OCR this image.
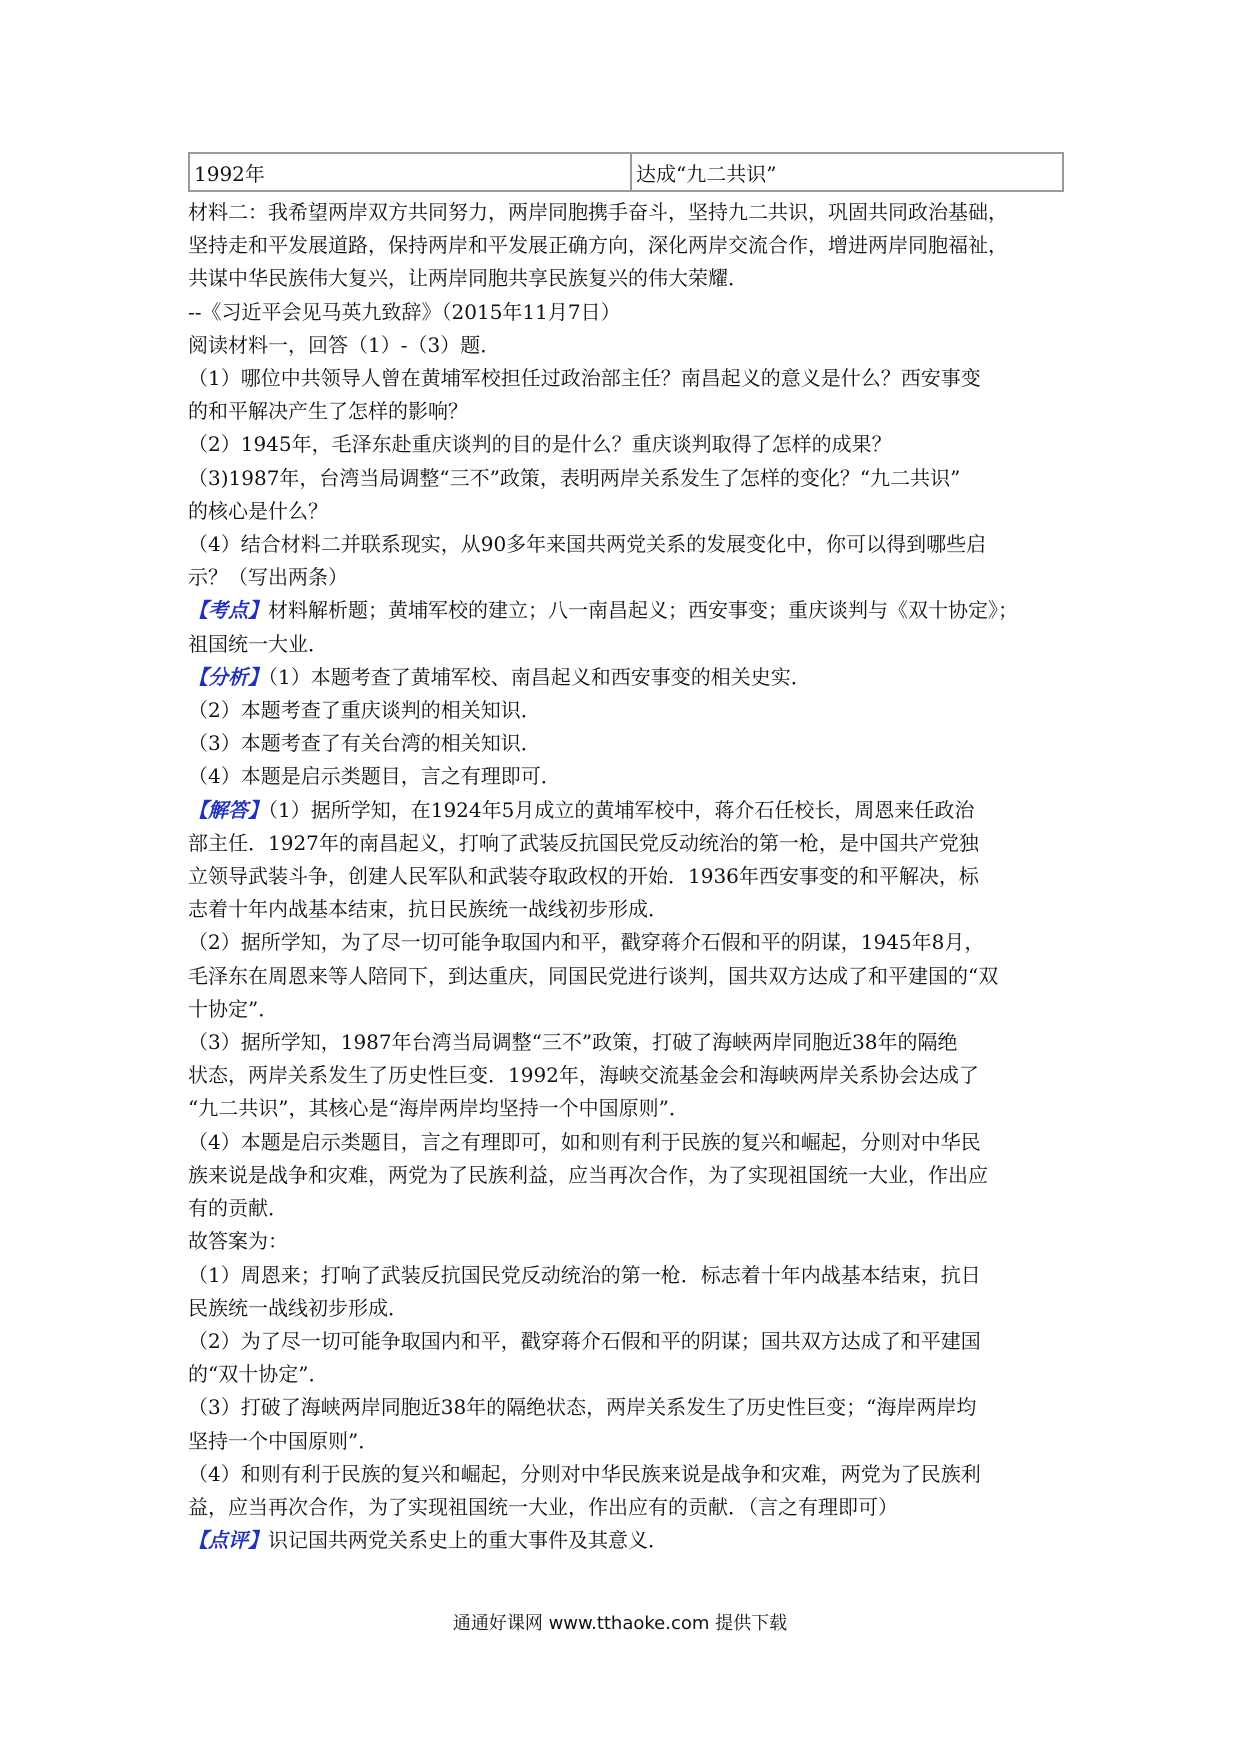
1992年	达成“九二共识”

材料二：我希望两岸双方共同努力，两岸同胞携手奋斗，坚持九二共识，巩固共同政治基础，

坚持走和平发展道路，保持两岸和平发展正确方向，深化两岸交流合作，增进两岸同胞福祉，

共谋中华民族伟大复兴，让两岸同胞共享民族复兴的伟大荣耀．

--《习近平会见马英九致辞》（2015年11月7日）

阅读材料一，回答（1）-（3）题．

（1）哪位中共领导人曾在黄埔军校担任过政治部主任？南昌起义的意义是什么？西安事变

的和平解决产生了怎样的影响？

（2）1945年，毛泽东赴重庆谈判的目的是什么？重庆谈判取得了怎样的成果？

（3)1987年，台湾当局调整“三不”政策，表明两岸关系发生了怎样的变化？“九二共识”

的核心是什么？

（4）结合材料二并联系现实，从90多年来国共两党关系的发展变化中，你可以得到哪些启

示？（写出两条）

【考点】材料解析题；黄埔军校的建立；八一南昌起义；西安事变；重庆谈判与《双十协定》；

祖国统一大业．

【分析】（1）本题考查了黄埔军校、南昌起义和西安事变的相关史实．

（2）本题考查了重庆谈判的相关知识．

（3）本题考查了有关台湾的相关知识．

（4）本题是启示类题目，言之有理即可．

【解答】（1）据所学知，在1924年5月成立的黄埔军校中，蒋介石任校长，周恩来任政治

部主任．1927年的南昌起义，打响了武装反抗国民党反动统治的第一枪，是中国共产党独

立领导武装斗争，创建人民军队和武装夺取政权的开始．1936年西安事变的和平解决，标

志着十年内战基本结束，抗日民族统一战线初步形成．

（2）据所学知，为了尽一切可能争取国内和平，戳穿蒋介石假和平的阴谋，1945年8月，

毛泽东在周恩来等人陪同下，到达重庆，同国民党进行谈判，国共双方达成了和平建国的“双

十协定”．

（3）据所学知，1987年台湾当局调整“三不”政策，打破了海峡两岸同胞近38年的隔绝

状态，两岸关系发生了历史性巨变．1992年，海峡交流基金会和海峡两岸关系协会达成了

“九二共识”，其核心是“海岸两岸均坚持一个中国原则”．

（4）本题是启示类题目，言之有理即可，如和则有利于民族的复兴和崛起，分则对中华民

族来说是战争和灾难，两党为了民族利益，应当再次合作，为了实现祖国统一大业，作出应

有的贡献．

故答案为：

（1）周恩来；打响了武装反抗国民党反动统治的第一枪．标志着十年内战基本结束，抗日

民族统一战线初步形成．

（2）为了尽一切可能争取国内和平，戳穿蒋介石假和平的阴谋；国共双方达成了和平建国

的“双十协定”．

（3）打破了海峡两岸同胞近38年的隔绝状态，两岸关系发生了历史性巨变；“海岸两岸均

坚持一个中国原则”．

（4）和则有利于民族的复兴和崛起，分则对中华民族来说是战争和灾难，两党为了民族利

益，应当再次合作，为了实现祖国统一大业，作出应有的贡献．（言之有理即可）

【点评】识记国共两党关系史上的重大事件及其意义．

通通好课网 www.tthaoke.com 提供下载
